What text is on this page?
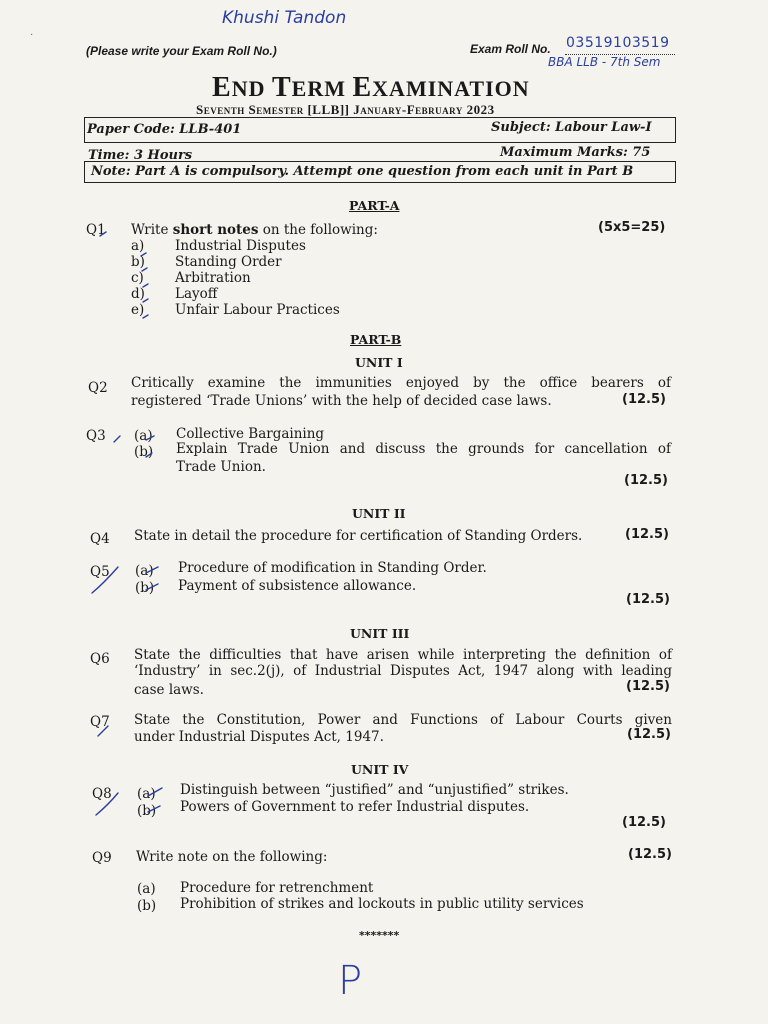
Khushi Tandon
·
(Please write your Exam Roll No.)	Exam Roll No. 03519103519
BBA LLB - 7th Sem
END TERM EXAMINATION
Seventh Semester [LLB]] January-February 2023
Paper Code: LLB-401	Subject: Labour Law-I
Time: 3 Hours	Maximum Marks: 75
Note: Part A is compulsory. Attempt one question from each unit in Part B
PART-A
Q1 Write short notes on the following:	(5x5=25)
a) Industrial Disputes
b) Standing Order
c) Arbitration
d) Layoff
e) Unfair Labour Practices
PART-B
UNIT I
Q2 Critically examine the immunities enjoyed by the office bearers of
registered ‘Trade Unions’ with the help of decided case laws.	(12.5)
Q3 (a) Collective Bargaining
(b) Explain Trade Union and discuss the grounds for cancellation of
Trade Union.
(12.5)
UNIT II
Q4 State in detail the procedure for certification of Standing Orders.	(12.5)
Q5 (a) Procedure of modification in Standing Order.
(b) Payment of subsistence allowance.
(12.5)
UNIT III
Q6 State the difficulties that have arisen while interpreting the definition of
‘Industry’ in sec.2(j), of Industrial Disputes Act, 1947 along with leading
case laws.	(12.5)
Q7 State the Constitution, Power and Functions of Labour Courts given
under Industrial Disputes Act, 1947.	(12.5)
UNIT IV
Q8 (a) Distinguish between “justified” and “unjustified” strikes.
(b) Powers of Government to refer Industrial disputes.
(12.5)
Q9 Write note on the following:	(12.5)
(a) Procedure for retrenchment
(b) Prohibition of strikes and lockouts in public utility services
*******
P
